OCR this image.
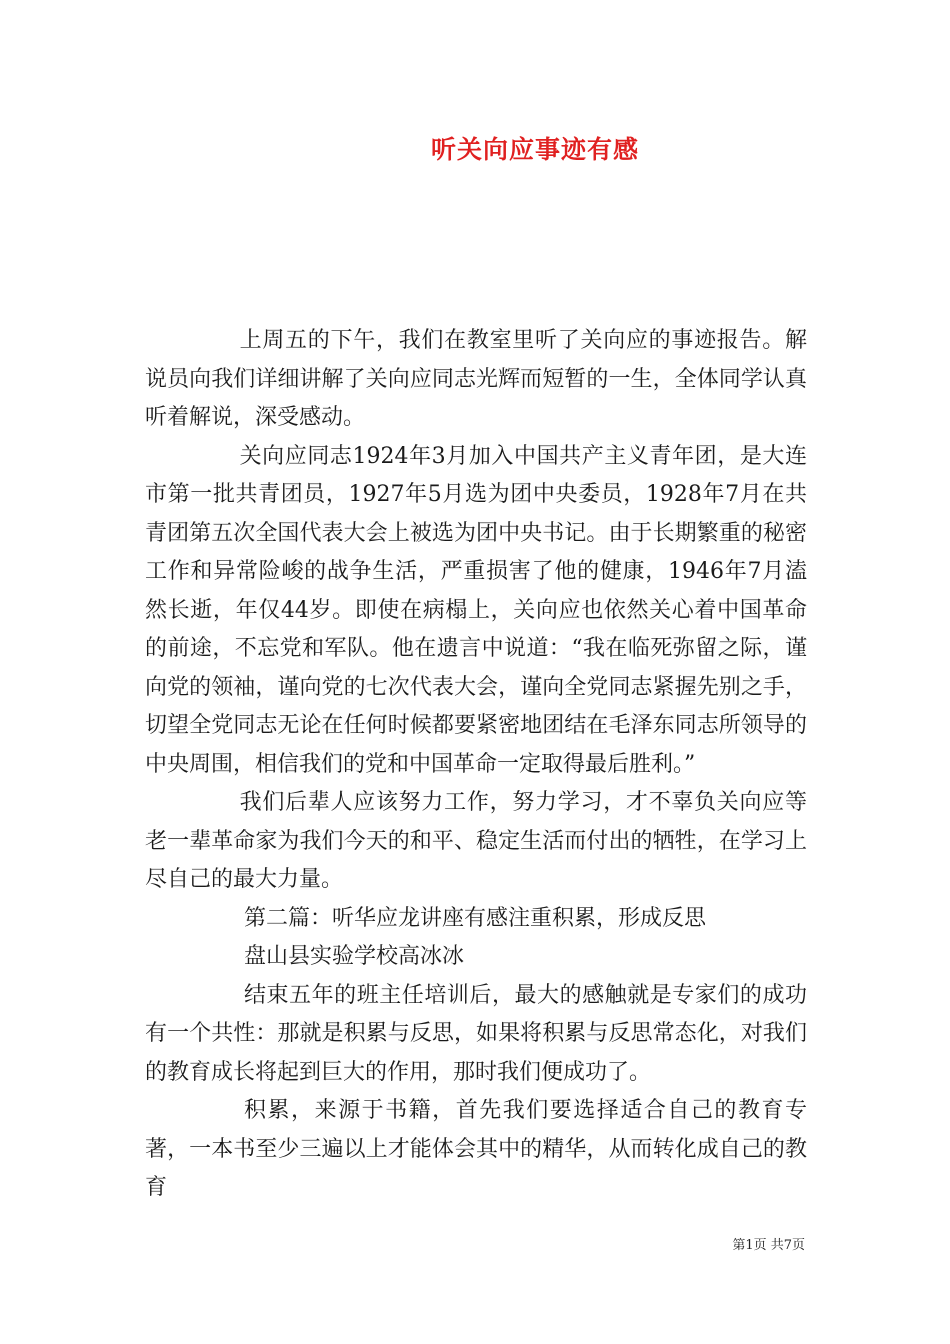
听关向应事迹有感

上周五的下午，我们在教室里听了关向应的事迹报告。解说员向我们详细讲解了关向应同志光辉而短暂的一生，全体同学认真听着解说，深受感动。

关向应同志1924年3月加入中国共产主义青年团，是大连市第一批共青团员，1927年5月选为团中央委员，1928年7月在共青团第五次全国代表大会上被选为团中央书记。由于长期繁重的秘密工作和异常险峻的战争生活，严重损害了他的健康，1946年7月溘然长逝，年仅44岁。即使在病榻上，关向应也依然关心着中国革命的前途，不忘党和军队。他在遗言中说道：“我在临死弥留之际，谨向党的领袖，谨向党的七次代表大会，谨向全党同志紧握先别之手，切望全党同志无论在任何时候都要紧密地团结在毛泽东同志所领导的中央周围，相信我们的党和中国革命一定取得最后胜利。”

我们后辈人应该努力工作，努力学习，才不辜负关向应等老一辈革命家为我们今天的和平、稳定生活而付出的牺牲，在学习上尽自己的最大力量。

第二篇：听华应龙讲座有感注重积累，形成反思

盘山县实验学校高冰冰

结束五年的班主任培训后，最大的感触就是专家们的成功有一个共性：那就是积累与反思，如果将积累与反思常态化，对我们的教育成长将起到巨大的作用，那时我们便成功了。

积累，来源于书籍，首先我们要选择适合自己的教育专著，一本书至少三遍以上才能体会其中的精华，从而转化成自己的教育

第1页 共7页
